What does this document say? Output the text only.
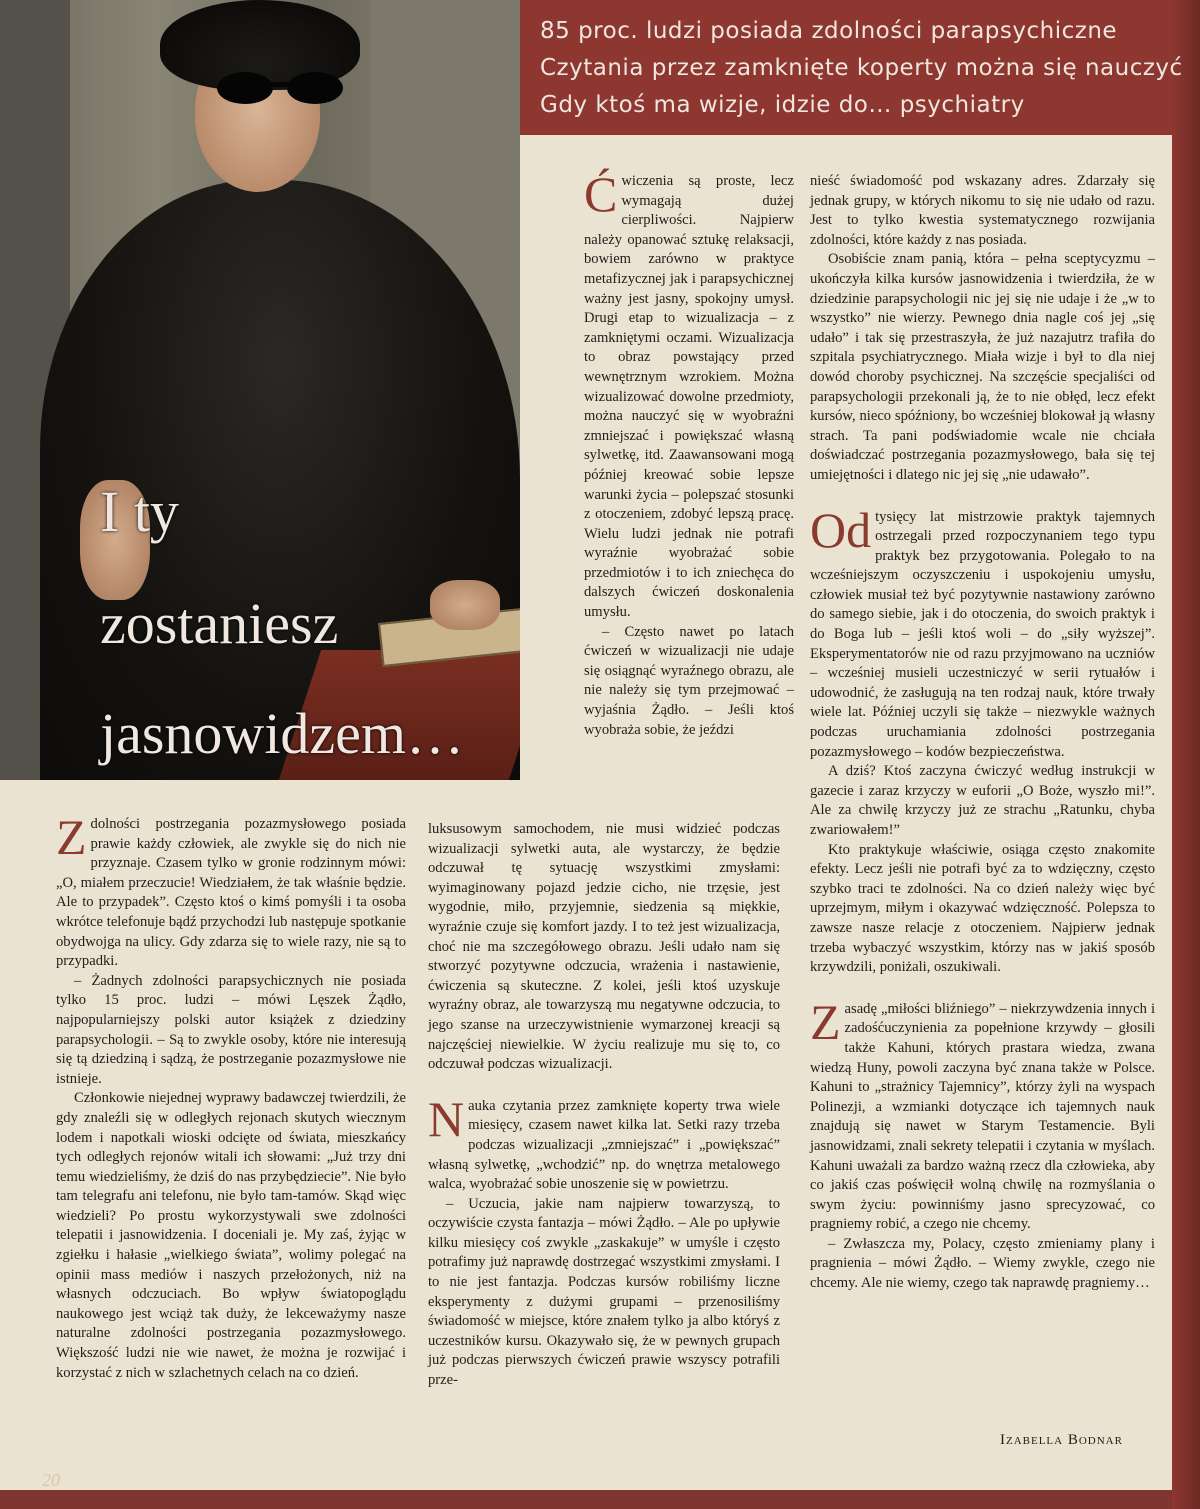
85 proc. ludzi posiada zdolności parapsychiczne

Czytania przez zamknięte koperty można się nauczyć

Gdy ktoś ma wizje, idzie do… psychiatry

I ty

zostaniesz

jasnowidzem…

Zdolności postrzegania pozazmysłowego posiada prawie każdy człowiek, ale zwykle się do nich nie przyznaje. Czasem tylko w gronie rodzinnym mówi: „O, miałem przeczucie! Wiedziałem, że tak właśnie będzie. Ale to przypadek”. Często ktoś o kimś pomyśli i ta osoba wkrótce telefonuje bądź przychodzi lub następuje spotkanie obydwojga na ulicy. Gdy zdarza się to wiele razy, nie są to przypadki.

– Żadnych zdolności parapsychicznych nie posiada tylko 15 proc. ludzi – mówi Lęszek Żądło, najpopularniejszy polski autor książek z dziedziny parapsychologii. – Są to zwykle osoby, które nie interesują się tą dziedziną i sądzą, że postrzeganie pozazmysłowe nie istnieje.

Członkowie niejednej wyprawy badawczej twierdzili, że gdy znaleźli się w odległych rejonach skutych wiecznym lodem i napotkali wioski odcięte od świata, mieszkańcy tych odległych rejonów witali ich słowami: „Już trzy dni temu wiedzieliśmy, że dziś do nas przybędziecie”. Nie było tam telegrafu ani telefonu, nie było tam-tamów. Skąd więc wiedzieli? Po prostu wykorzystywali swe zdolności telepatii i jasnowidzenia. I doceniali je. My zaś, żyjąc w zgiełku i hałasie „wielkiego świata”, wolimy polegać na opinii mass mediów i naszych przełożonych, niż na własnych odczuciach. Bo wpływ światopoglądu naukowego jest wciąż tak duży, że lekceważymy nasze naturalne zdolności postrzegania pozazmysłowego. Większość ludzi nie wie nawet, że można je rozwijać i korzystać z nich w szlachetnych celach na co dzień.

Ćwiczenia są proste, lecz wymagają dużej cierpliwości. Najpierw należy opanować sztukę relaksacji, bowiem zarówno w praktyce metafizycznej jak i parapsychicznej ważny jest jasny, spokojny umysł. Drugi etap to wizualizacja – z zamkniętymi oczami. Wizualizacja to obraz powstający przed wewnętrznym wzrokiem. Można wizualizować dowolne przedmioty, można nauczyć się w wyobraźni zmniejszać i powiększać własną sylwetkę, itd. Zaawansowani mogą później kreować sobie lepsze warunki życia – polepszać stosunki z otoczeniem, zdobyć lepszą pracę. Wielu ludzi jednak nie potrafi wyraźnie wyobrażać sobie przedmiotów i to ich zniechęca do dalszych ćwiczeń doskonalenia umysłu.

– Często nawet po latach ćwiczeń w wizualizacji nie udaje się osiągnąć wyraźnego obrazu, ale nie należy się tym przejmować – wyjaśnia Żądło. – Jeśli ktoś wyobraża sobie, że jeździ

luksusowym samochodem, nie musi widzieć podczas wizualizacji sylwetki auta, ale wystarczy, że będzie odczuwał tę sytuację wszystkimi zmysłami: wyimaginowany pojazd jedzie cicho, nie trzęsie, jest wygodnie, miło, przyjemnie, siedzenia są miękkie, wyraźnie czuje się komfort jazdy. I to też jest wizualizacja, choć nie ma szczegółowego obrazu. Jeśli udało nam się stworzyć pozytywne odczucia, wrażenia i nastawienie, ćwiczenia są skuteczne. Z kolei, jeśli ktoś uzyskuje wyraźny obraz, ale towarzyszą mu negatywne odczucia, to jego szanse na urzeczywistnienie wymarzonej kreacji są najczęściej niewielkie. W życiu realizuje mu się to, co odczuwał podczas wizualizacji.

Nauka czytania przez zamknięte koperty trwa wiele miesięcy, czasem nawet kilka lat. Setki razy trzeba podczas wizualizacji „zmniejszać” i „powiększać” własną sylwetkę, „wchodzić” np. do wnętrza metalowego walca, wyobrażać sobie unoszenie się w powietrzu.

– Uczucia, jakie nam najpierw towarzyszą, to oczywiście czysta fantazja – mówi Żądło. – Ale po upływie kilku miesięcy coś zwykle „zaskakuje” w umyśle i często potrafimy już naprawdę dostrzegać wszystkimi zmysłami. I to nie jest fantazja. Podczas kursów robiliśmy liczne eksperymenty z dużymi grupami – przenosiliśmy świadomość w miejsce, które znałem tylko ja albo któryś z uczestników kursu. Okazywało się, że w pewnych grupach już podczas pierwszych ćwiczeń prawie wszyscy potrafili prze-

nieść świadomość pod wskazany adres. Zdarzały się jednak grupy, w których nikomu to się nie udało od razu. Jest to tylko kwestia systematycznego rozwijania zdolności, które każdy z nas posiada.

Osobiście znam panią, która – pełna sceptycyzmu – ukończyła kilka kursów jasnowidzenia i twierdziła, że w dziedzinie parapsychologii nic jej się nie udaje i że „w to wszystko” nie wierzy. Pewnego dnia nagle coś jej „się udało” i tak się przestraszyła, że już nazajutrz trafiła do szpitala psychiatrycznego. Miała wizje i był to dla niej dowód choroby psychicznej. Na szczęście specjaliści od parapsychologii przekonali ją, że to nie obłęd, lecz efekt kursów, nieco spóźniony, bo wcześniej blokował ją własny strach. Ta pani podświadomie wcale nie chciała doświadczać postrzegania pozazmysłowego, bała się tej umiejętności i dlatego nic jej się „nie udawało”.

Od tysięcy lat mistrzowie praktyk tajemnych ostrzegali przed rozpoczynaniem tego typu praktyk bez przygotowania. Polegało to na wcześniejszym oczyszczeniu i uspokojeniu umysłu, człowiek musiał też być pozytywnie nastawiony zarówno do samego siebie, jak i do otoczenia, do swoich praktyk i do Boga lub – jeśli ktoś woli – do „siły wyższej”. Eksperymentatorów nie od razu przyjmowano na uczniów – wcześniej musieli uczestniczyć w serii rytuałów i udowodnić, że zasługują na ten rodzaj nauk, które trwały wiele lat. Później uczyli się także – niezwykle ważnych podczas uruchamiania zdolności postrzegania pozazmysłowego – kodów bezpieczeństwa.

A dziś? Ktoś zaczyna ćwiczyć według instrukcji w gazecie i zaraz krzyczy w euforii „O Boże, wyszło mi!”. Ale za chwilę krzyczy już ze strachu „Ratunku, chyba zwariowałem!”

Kto praktykuje właściwie, osiąga często znakomite efekty. Lecz jeśli nie potrafi być za to wdzięczny, często szybko traci te zdolności. Na co dzień należy więc być uprzejmym, miłym i okazywać wdzięczność. Polepsza to zawsze nasze relacje z otoczeniem. Najpierw jednak trzeba wybaczyć wszystkim, którzy nas w jakiś sposób krzywdzili, poniżali, oszukiwali.

Zasadę „miłości bliźniego” – niekrzywdzenia innych i zadośćuczynienia za popełnione krzywdy – głosili także Kahuni, których prastara wiedza, zwana wiedzą Huny, powoli zaczyna być znana także w Polsce. Kahuni to „strażnicy Tajemnicy”, którzy żyli na wyspach Polinezji, a wzmianki dotyczące ich tajemnych nauk znajdują się nawet w Starym Testamencie. Byli jasnowidzami, znali sekrety telepatii i czytania w myślach. Kahuni uważali za bardzo ważną rzecz dla człowieka, aby co jakiś czas poświęcił wolną chwilę na rozmyślania o swym życiu: powinniśmy jasno sprecyzować, co pragniemy robić, a czego nie chcemy.

– Zwłaszcza my, Polacy, często zmieniamy plany i pragnienia – mówi Żądło. – Wiemy zwykle, czego nie chcemy. Ale nie wiemy, czego tak naprawdę pragniemy…

Izabella Bodnar
20
